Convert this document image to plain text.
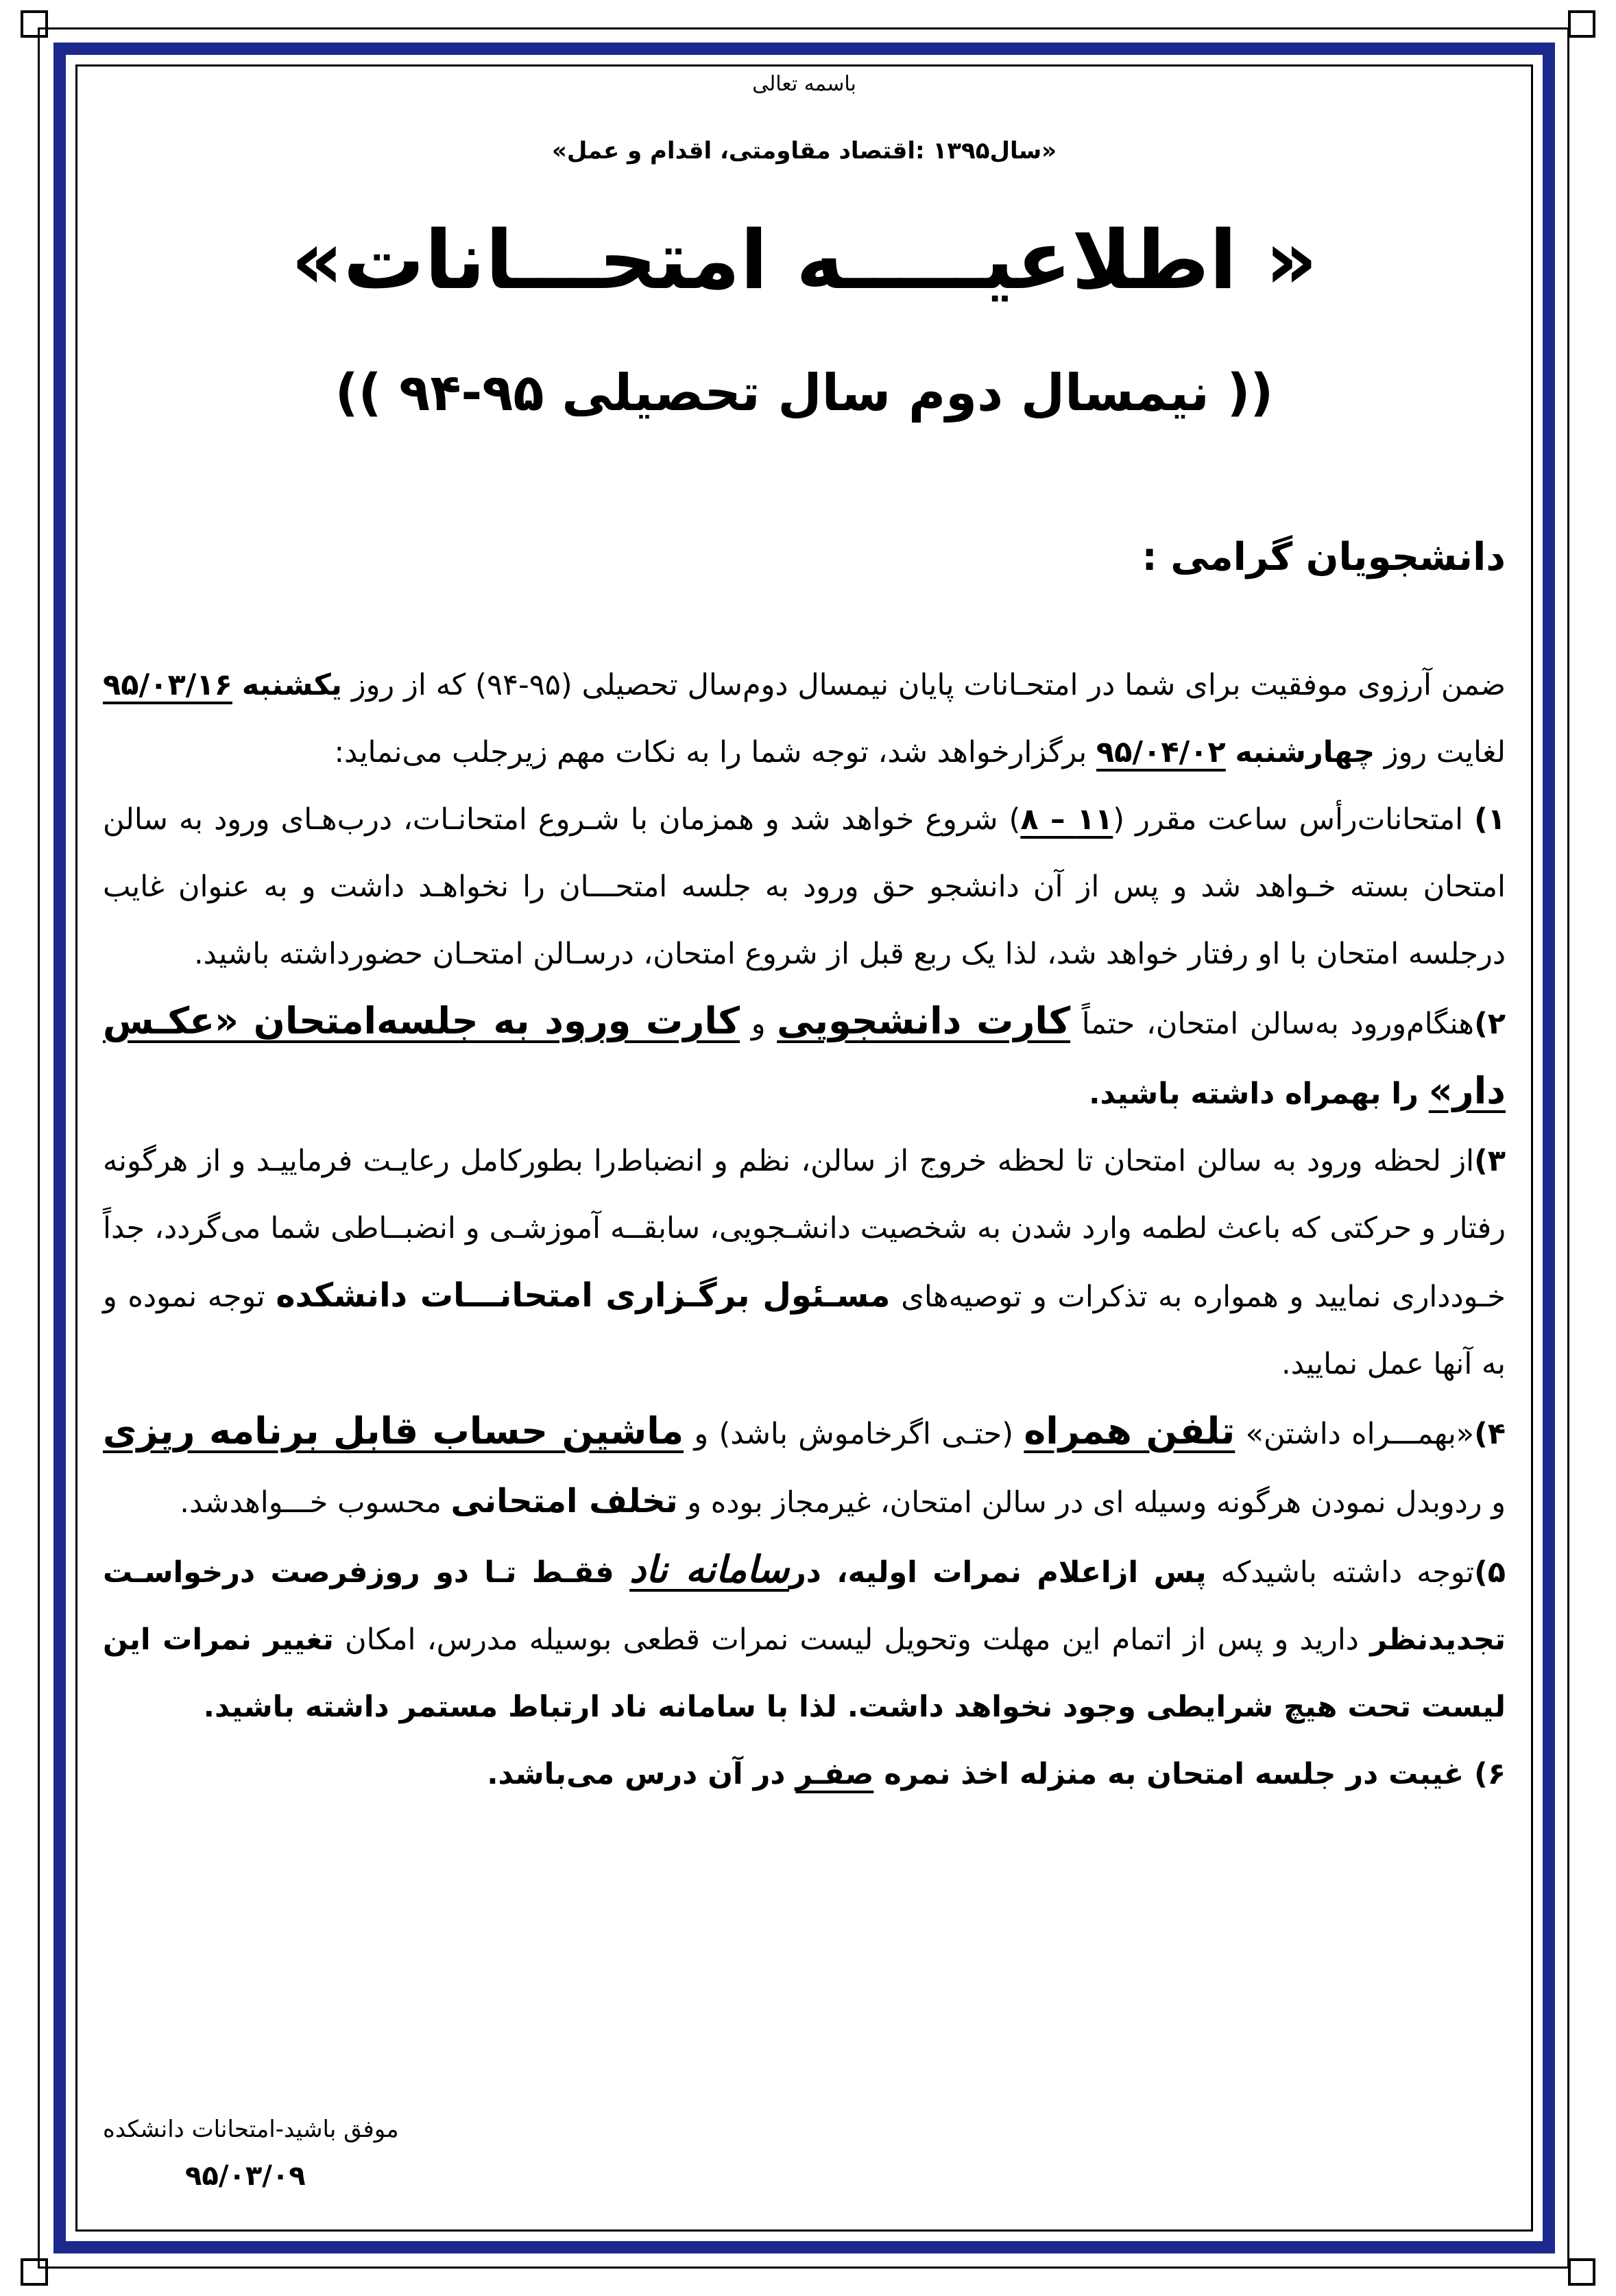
باسمه تعالی
«سال۱۳۹۵ :اقتصاد مقاومتی، اقدام و عمل»
« اطلاعیـــــه امتحـــانات»
(( نیمسال دوم سال تحصیلی ۹۵-۹۴ ))
دانشجویان گرامی :

ضمن آرزوی موفقیت برای شما در امتحـانات پایان نیمسال دوم‌سال تحصیلی (۹۵-۹۴) که از روز یکشنبه ۹۵/۰۳/۱۶ لغایت روز چهارشنبه ۹۵/۰۴/۰۲ برگزارخواهد شد، توجه شما را به نکات مهم زیرجلب می‌نماید:

۱) امتحانات‌رأس ساعت مقرر (۱۱ – ۸) شروع خواهد شد و همزمان با شـروع امتحانـات، درب‌هـای ورود به سالن امتحان بسته خـواهد شد و پس از آن دانشجو حق ورود به جلسه امتحـــان را نخواهـد داشت و به عنوان غایب درجلسه امتحان با او رفتار خواهد شد، لذا یک ربع قبل از شروع امتحان، درسـالن امتحـان حضورداشته باشید.

۲)هنگام‌ورود به‌سالن امتحان، حتماً کارت دانشجویی و کارت ورود به جلسه‌امتحان «عکـس دار» را بهمراه داشته باشید.

۳)از لحظه ورود به سالن امتحان تا لحظه خروج از سالن، نظم و انضباط‌را بطورکامل رعایـت فرماییـد و از هرگونه رفتار و حرکتی که باعث لطمه وارد شدن به شخصیت دانشـجویی، سابقــه آموزشـی و انضبــاطی شما می‌گردد، جداً خـودداری نمایید و همواره به تذکرات و توصیه‌های مسـئول برگـزاری امتحانـــات دانشکده توجه نموده و به آنها عمل نمایید.

۴)«بهمـــراه داشتن» تلفن همراه (حتـی اگرخاموش باشد) و ماشین حساب قابل برنامه ریزی و ردوبدل نمودن هرگونه وسیله ای در سالن امتحان، غیرمجاز بوده و تخلف امتحانی محسوب خـــواهدشد.

۵)توجه داشته باشیدکه پس ازاعلام نمرات اولیه، درسامانه ناد فقـط تـا دو روزفرصت درخواسـت تجدیدنظر دارید و پس از اتمام این مهلت وتحویل لیست نمرات قطعی بوسیله مدرس، امکان تغییر نمرات این لیست تحت هیچ شرایطی وجود نخواهد داشت. لذا با سامانه ناد ارتباط مستمر داشته باشید.

۶) غیبت در جلسه امتحان به منزله اخذ نمره صفـر در آن درس می‌باشد.

موفق باشید-امتحانات دانشکده
۹۵/۰۳/۰۹
